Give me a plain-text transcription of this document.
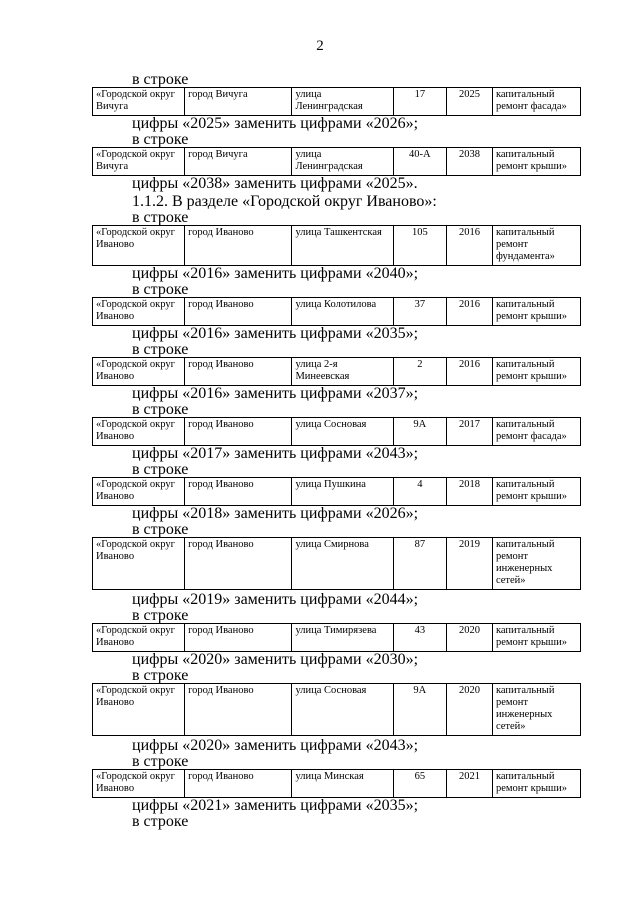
2
в строке
«Городской округ Вичуга	город Вичуга	улица Ленинградская	17	2025	капитальный ремонт фасада»
цифры «2025» заменить цифрами «2026»;
в строке
«Городской округ Вичуга	город Вичуга	улица Ленинградская	40-А	2038	капитальный ремонт крыши»
цифры «2038» заменить цифрами «2025».
1.1.2. В разделе «Городской округ Иваново»:
в строке
«Городской округ Иваново	город Иваново	улица Ташкентская	105	2016	капитальный ремонт фундамента»
цифры «2016» заменить цифрами «2040»;
в строке
«Городской округ Иваново	город Иваново	улица Колотилова	37	2016	капитальный ремонт крыши»
цифры «2016» заменить цифрами «2035»;
в строке
«Городской округ Иваново	город Иваново	улица 2-я Минеевская	2	2016	капитальный ремонт крыши»
цифры «2016» заменить цифрами «2037»;
в строке
«Городской округ Иваново	город Иваново	улица Сосновая	9А	2017	капитальный ремонт фасада»
цифры «2017» заменить цифрами «2043»;
в строке
«Городской округ Иваново	город Иваново	улица Пушкина	4	2018	капитальный ремонт крыши»
цифры «2018» заменить цифрами «2026»;
в строке
«Городской округ Иваново	город Иваново	улица Смирнова	87	2019	капитальный ремонт инженерных сетей»
цифры «2019» заменить цифрами «2044»;
в строке
«Городской округ Иваново	город Иваново	улица Тимирязева	43	2020	капитальный ремонт крыши»
цифры «2020» заменить цифрами «2030»;
в строке
«Городской округ Иваново	город Иваново	улица Сосновая	9А	2020	капитальный ремонт инженерных сетей»
цифры «2020» заменить цифрами «2043»;
в строке
«Городской округ Иваново	город Иваново	улица Минская	65	2021	капитальный ремонт крыши»
цифры «2021» заменить цифрами «2035»;
в строке
